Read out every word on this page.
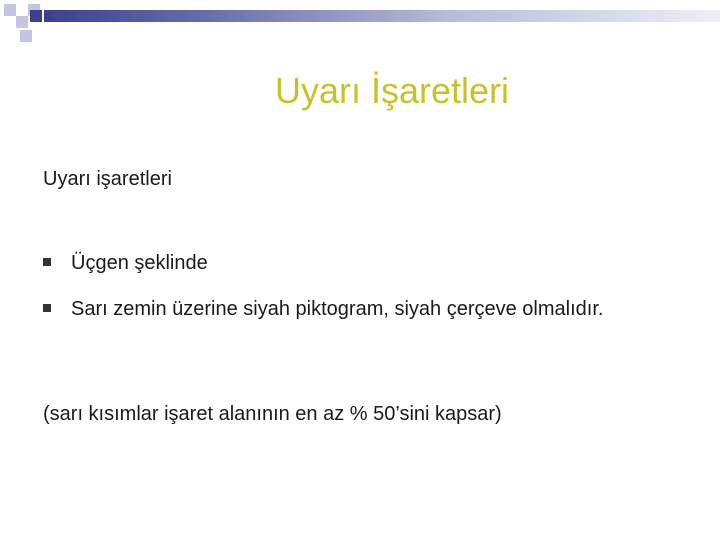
Uyarı İşaretleri
Uyarı işaretleri
Üçgen şeklinde
Sarı zemin üzerine siyah piktogram, siyah çerçeve olmalıdır.
(sarı kısımlar işaret alanının en az % 50’sini kapsar)
